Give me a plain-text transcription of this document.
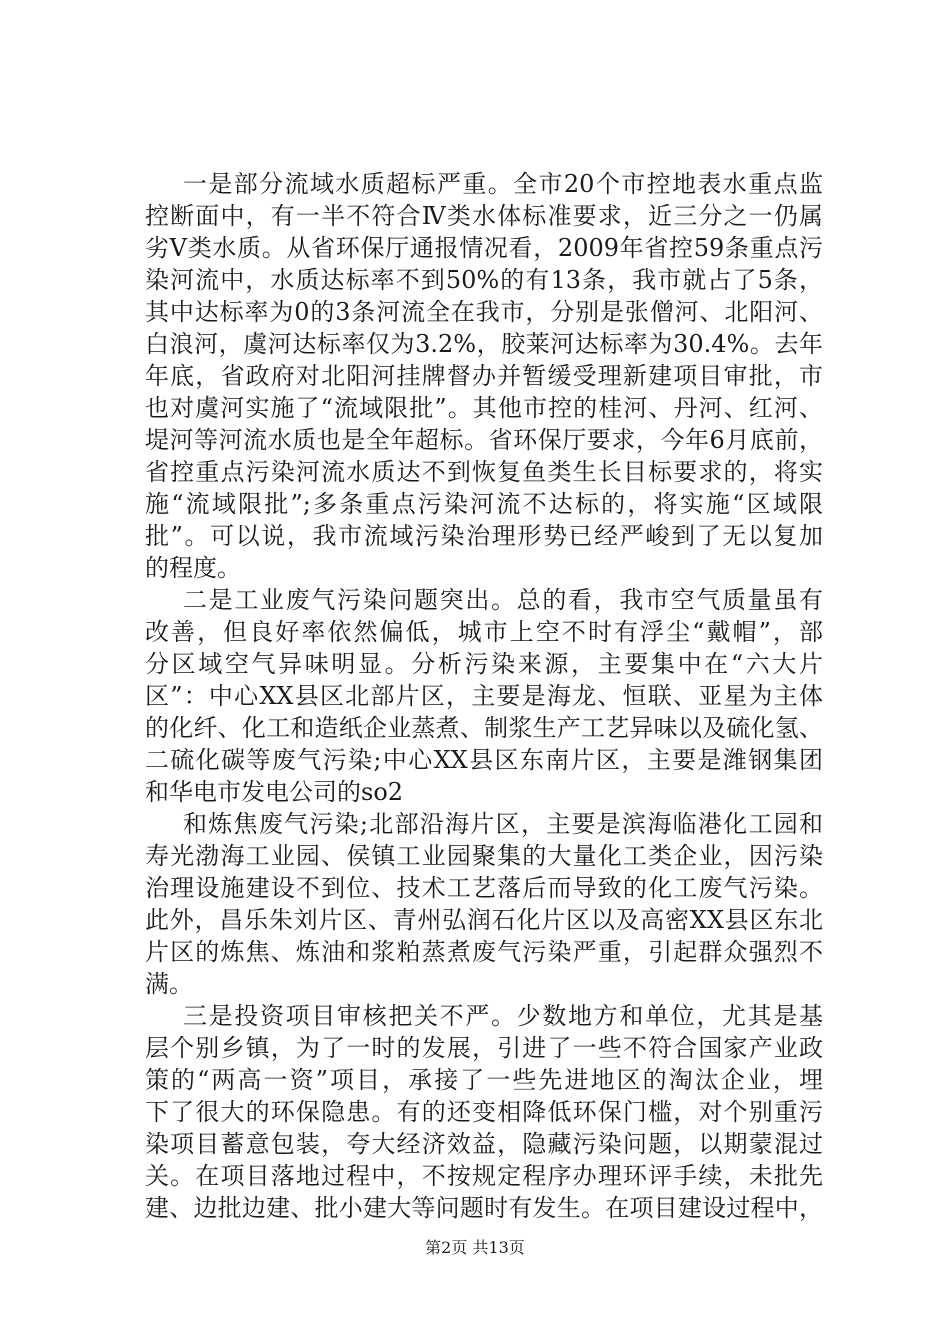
一是部分流域水质超标严重。全市20个市控地表水重点监
控断面中，有一半不符合Ⅳ类水体标准要求，近三分之一仍属
劣Ⅴ类水质。从省环保厅通报情况看，2009年省控59条重点污
染河流中，水质达标率不到50%的有13条，我市就占了5条，
其中达标率为0的3条河流全在我市，分别是张僧河、北阳河、
白浪河，虞河达标率仅为3.2%，胶莱河达标率为30.4%。去年
年底，省政府对北阳河挂牌督办并暂缓受理新建项目审批，市
也对虞河实施了“流域限批”。其他市控的桂河、丹河、红河、
堤河等河流水质也是全年超标。省环保厅要求，今年6月底前，
省控重点污染河流水质达不到恢复鱼类生长目标要求的，将实
施“流域限批”;多条重点污染河流不达标的，将实施“区域限
批”。可以说，我市流域污染治理形势已经严峻到了无以复加
的程度。
二是工业废气污染问题突出。总的看，我市空气质量虽有
改善，但良好率依然偏低，城市上空不时有浮尘“戴帽”，部
分区域空气异味明显。分析污染来源，主要集中在“六大片
区”：中心XX县区北部片区，主要是海龙、恒联、亚星为主体
的化纤、化工和造纸企业蒸煮、制浆生产工艺异味以及硫化氢、
二硫化碳等废气污染;中心XX县区东南片区，主要是潍钢集团
和华电市发电公司的so2
和炼焦废气污染;北部沿海片区，主要是滨海临港化工园和
寿光渤海工业园、侯镇工业园聚集的大量化工类企业，因污染
治理设施建设不到位、技术工艺落后而导致的化工废气污染。
此外，昌乐朱刘片区、青州弘润石化片区以及高密XX县区东北
片区的炼焦、炼油和浆粕蒸煮废气污染严重，引起群众强烈不
满。
三是投资项目审核把关不严。少数地方和单位，尤其是基
层个别乡镇，为了一时的发展，引进了一些不符合国家产业政
策的“两高一资”项目，承接了一些先进地区的淘汰企业，埋
下了很大的环保隐患。有的还变相降低环保门槛，对个别重污
染项目蓄意包装，夸大经济效益，隐藏污染问题，以期蒙混过
关。在项目落地过程中，不按规定程序办理环评手续，未批先
建、边批边建、批小建大等问题时有发生。在项目建设过程中，
第2页 共13页
